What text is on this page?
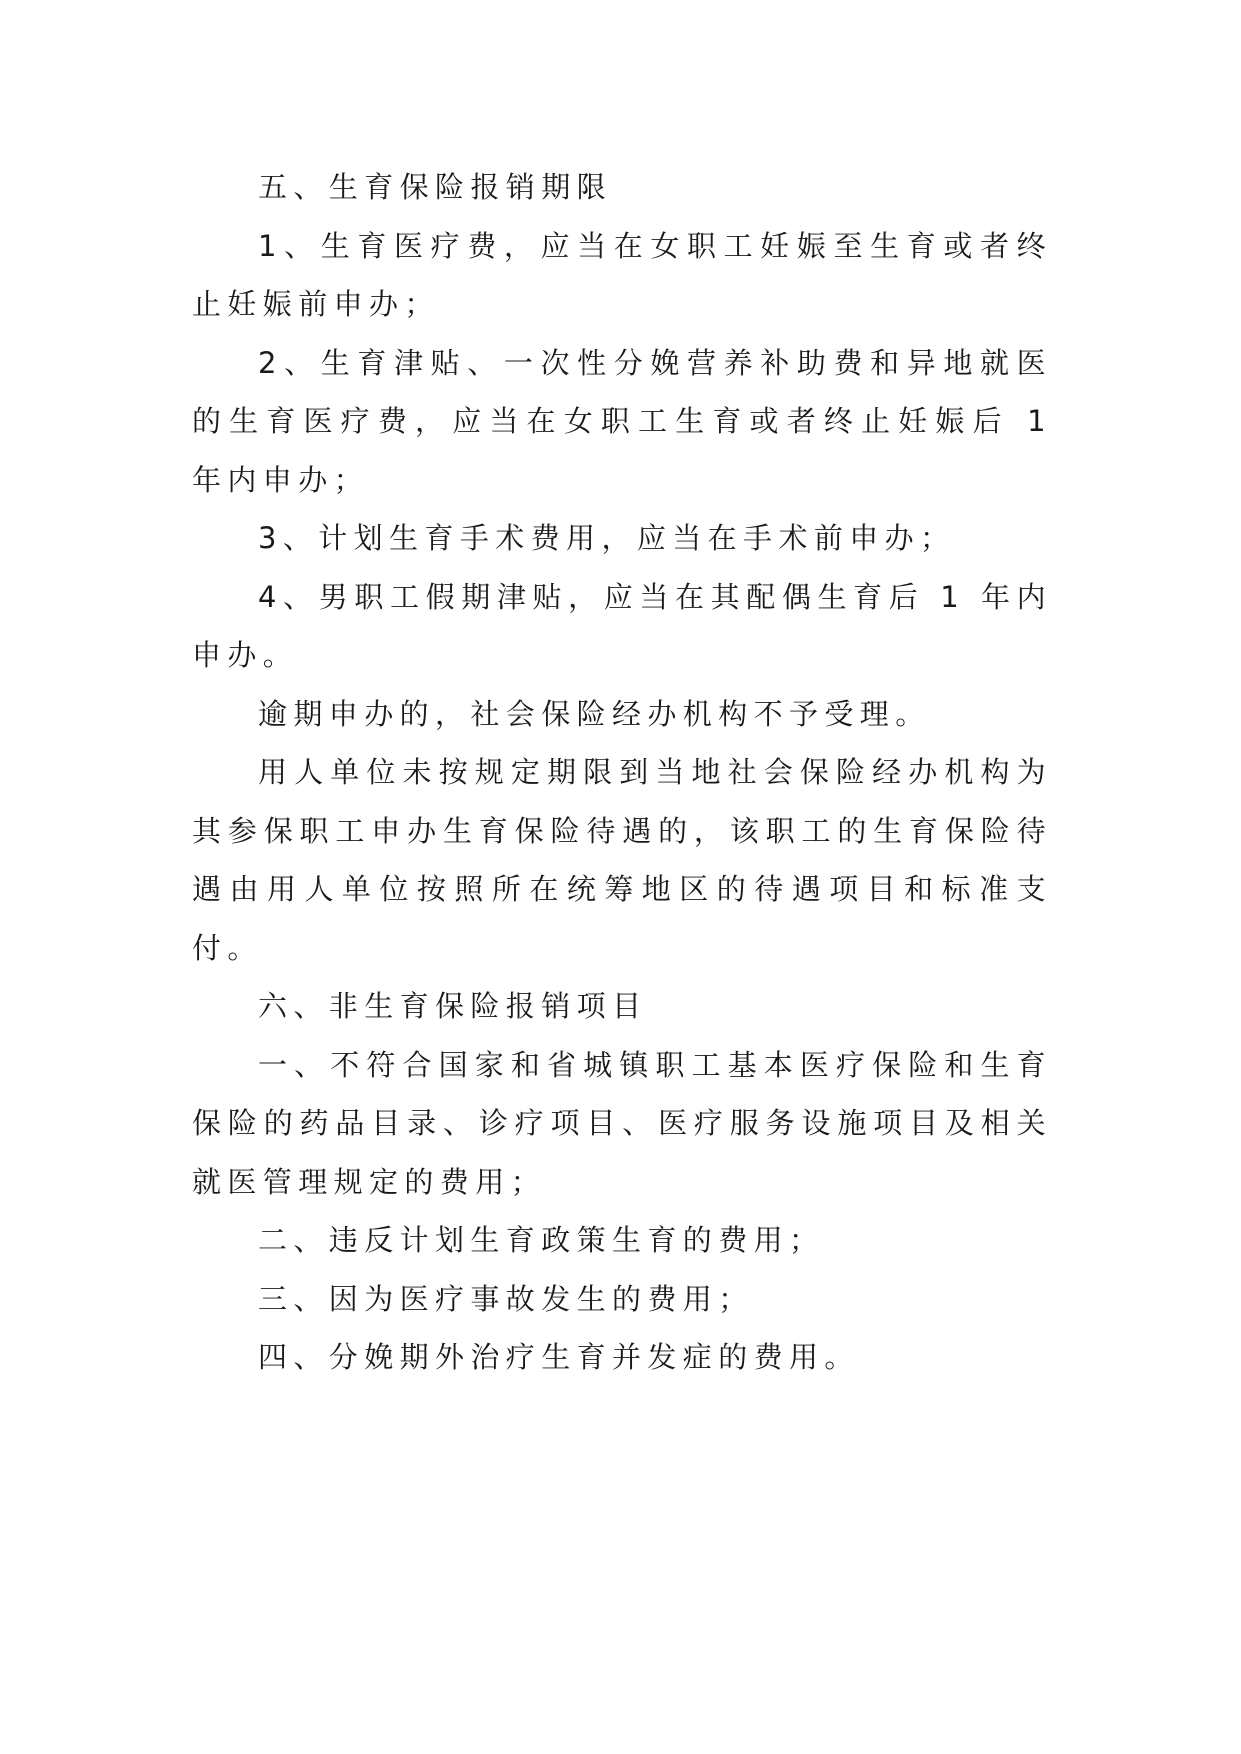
五、生育保险报销期限

1、生育医疗费，应当在女职工妊娠至生育或者终止妊娠前申办；

2、生育津贴、一次性分娩营养补助费和异地就医的生育医疗费，应当在女职工生育或者终止妊娠后 1 年内申办；

3、计划生育手术费用，应当在手术前申办；

4、男职工假期津贴，应当在其配偶生育后 1 年内申办。

逾期申办的，社会保险经办机构不予受理。

用人单位未按规定期限到当地社会保险经办机构为其参保职工申办生育保险待遇的，该职工的生育保险待遇由用人单位按照所在统筹地区的待遇项目和标准支付。

六、非生育保险报销项目

一、不符合国家和省城镇职工基本医疗保险和生育保险的药品目录、诊疗项目、医疗服务设施项目及相关就医管理规定的费用；

二、违反计划生育政策生育的费用；

三、因为医疗事故发生的费用；

四、分娩期外治疗生育并发症的费用。
